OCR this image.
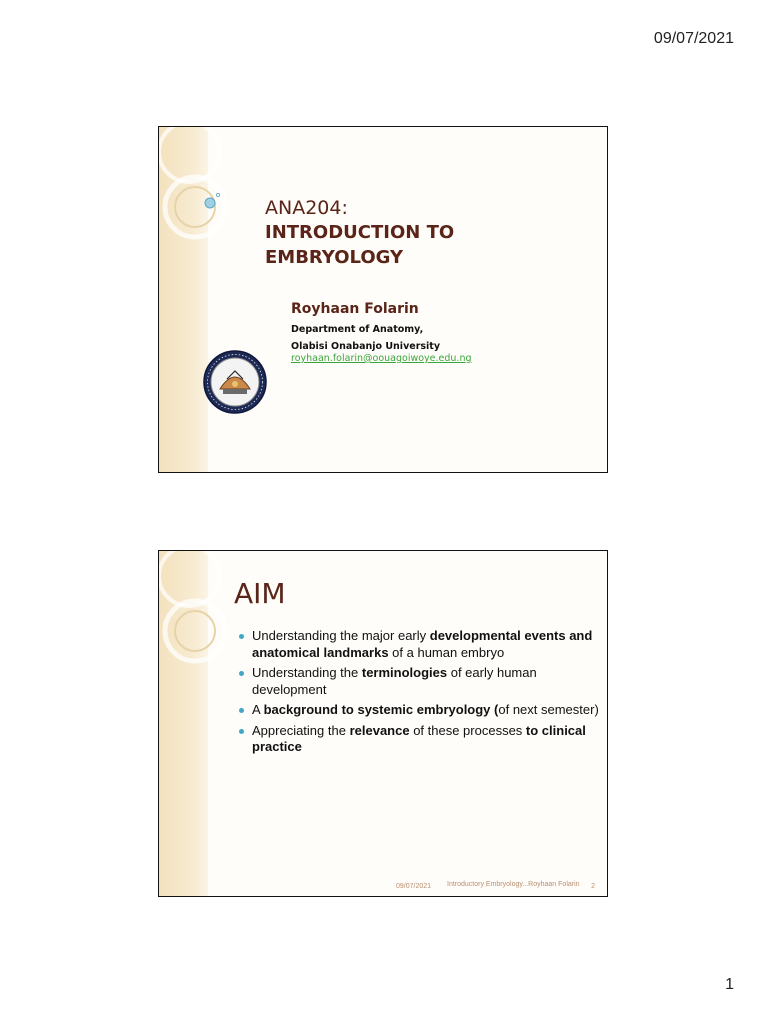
09/07/2021
ANA204:
INTRODUCTION TO
EMBRYOLOGY
Royhaan Folarin
Department of Anatomy,
Olabisi Onabanjo University
royhaan.folarin@oouagoiwoye.edu.ng
AIM
Understanding the major early developmental events and anatomical landmarks of a human embryo
Understanding the terminologies of early human development
A background to systemic embryology (of next semester)
Appreciating the relevance of these processes to clinical practice
09/07/2021 Introductory Embryology...Royhaan Folarin	2
1
